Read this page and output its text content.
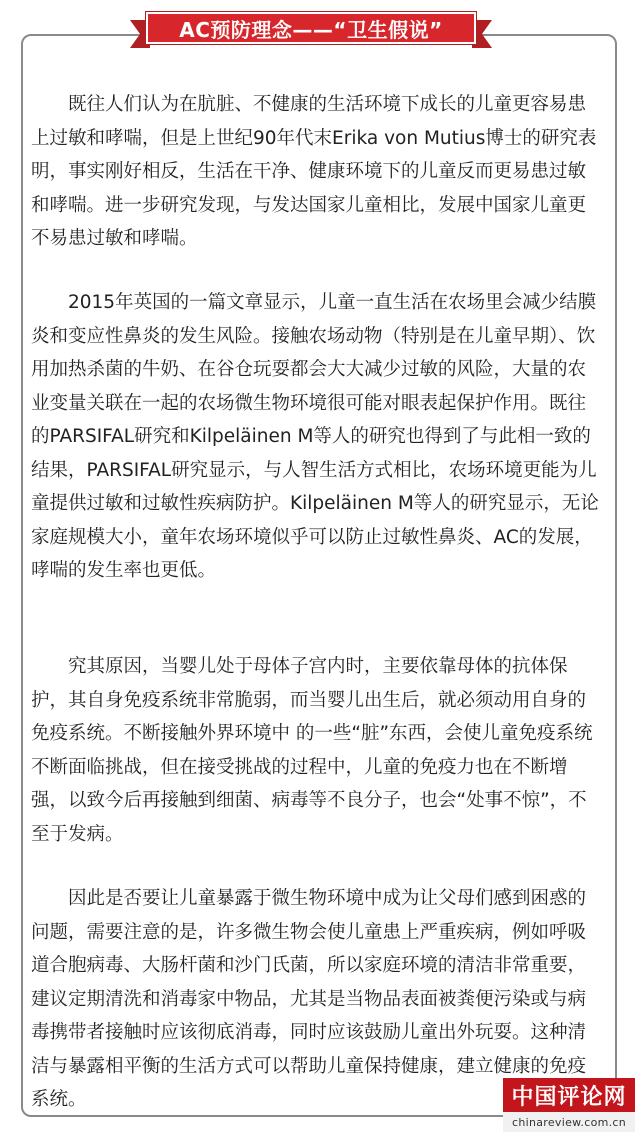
AC预防理念——“卫生假说”

既往人们认为在肮脏、不健康的生活环境下成长的儿童更容易患上过敏和哮喘，但是上世纪90年代末Erika von Mutius博士的研究表明，事实刚好相反，生活在干净、健康环境下的儿童反而更易患过敏和哮喘。进一步研究发现，与发达国家儿童相比，发展中国家儿童更 不易患过敏和哮喘。

2015年英国的一篇文章显示，儿童一直生活在农场里会减少结膜炎和变应性鼻炎的发生风险。接触农场动物（特别是在儿童早期）、饮用加热杀菌的牛奶、在谷仓玩耍都会大大减少过敏的风险，大量的农业变量关联在一起的农场微生物环境很可能对眼表起保护作用。既往的PARSIFAL研究和Kilpeläinen M等人的研究也得到了与此相一致的结果，PARSIFAL研究显示，与人智生活方式相比，农场环境更能为儿童提供过敏和过敏性疾病防护。Kilpeläinen M等人的研究显示，无论家庭规模大小，童年农场环境似乎可以防止过敏性鼻炎、AC的发展，哮喘的发生率也更低。

究其原因，当婴儿处于母体子宫内时，主要依靠母体的抗体保护，其自身免疫系统非常脆弱，而当婴儿出生后，就必须动用自身的免疫系统。不断接触外界环境中 的一些“脏”东西，会使儿童免疫系统不断面临挑战，但在接受挑战的过程中，儿童的免疫力也在不断增强，以致今后再接触到细菌、病毒等不良分子，也会“处事不惊”，不至于发病。

因此是否要让儿童暴露于微生物环境中成为让父母们感到困惑的问题，需要注意的是，许多微生物会使儿童患上严重疾病，例如呼吸道合胞病毒、大肠杆菌和沙门氏菌，所以家庭环境的清洁非常重要，建议定期清洗和消毒家中物品，尤其是当物品表面被粪便污染或与病毒携带者接触时应该彻底消毒，同时应该鼓励儿童出外玩耍。这种清洁与暴露相平衡的生活方式可以帮助儿童保持健康，建立健康的免疫系统。	中国评论网
chinareview.com.cn
